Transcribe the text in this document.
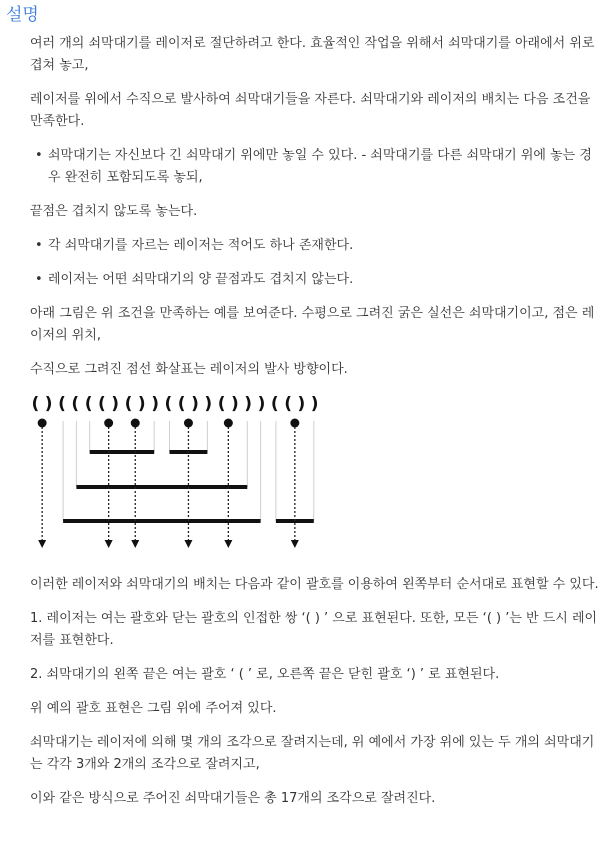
설명

여러 개의 쇠막대기를 레이저로 절단하려고 한다. 효율적인 작업을 위해서 쇠막대기를 아래에서 위로 겹쳐 놓고,

레이저를 위에서 수직으로 발사하여 쇠막대기들을 자른다. 쇠막대기와 레이저의 배치는 다음 조건을 만족한다.

• 쇠막대기는 자신보다 긴 쇠막대기 위에만 놓일 수 있다. - 쇠막대기를 다른 쇠막대기 위에 놓는 경우 완전히 포함되도록 놓되,

끝점은 겹치지 않도록 놓는다.

• 각 쇠막대기를 자르는 레이저는 적어도 하나 존재한다.
• 레이저는 어떤 쇠막대기의 양 끝점과도 겹치지 않는다.

아래 그림은 위 조건을 만족하는 예를 보여준다. 수평으로 그려진 굵은 실선은 쇠막대기이고, 점은 레이저의 위치,

수직으로 그려진 점선 화살표는 레이저의 발사 방향이다.

( ) ( ( ( ( ) ( ) ) ( ( ) ) ( ) ) ) ( ( ) )

이러한 레이저와 쇠막대기의 배치는 다음과 같이 괄호를 이용하여 왼쪽부터 순서대로 표현할 수 있다.

1. 레이저는 여는 괄호와 닫는 괄호의 인접한 쌍 ‘( ) ’ 으로 표현된다. 또한, 모든 ‘( ) ’는 반 드시 레이저를 표현한다.

2. 쇠막대기의 왼쪽 끝은 여는 괄호 ‘ ( ’ 로, 오른쪽 끝은 닫힌 괄호 ‘) ’ 로 표현된다.

위 예의 괄호 표현은 그림 위에 주어져 있다.

쇠막대기는 레이저에 의해 몇 개의 조각으로 잘려지는데, 위 예에서 가장 위에 있는 두 개의 쇠막대기는 각각 3개와 2개의 조각으로 잘려지고,

이와 같은 방식으로 주어진 쇠막대기들은 총 17개의 조각으로 잘려진다.
